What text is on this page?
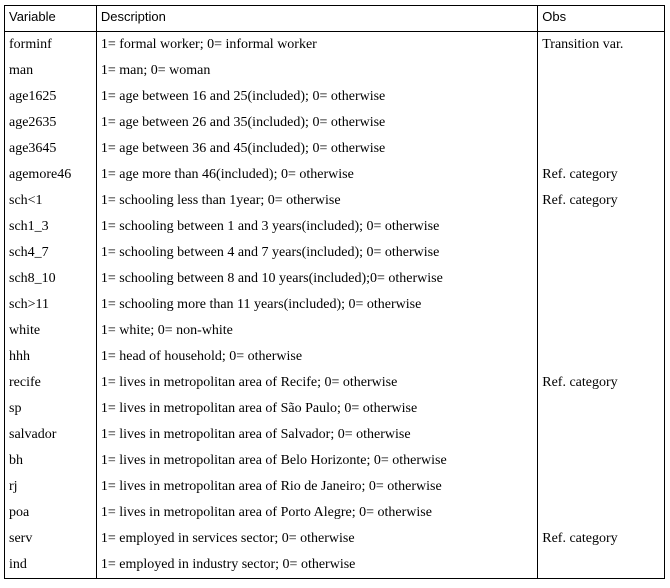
Variable	Description	Obs
forminf	1= formal worker; 0= informal worker	Transition var.
man	1= man; 0= woman	
age1625	1= age between 16 and 25(included); 0= otherwise	
age2635	1= age between 26 and 35(included); 0= otherwise	
age3645	1= age between 36 and 45(included); 0= otherwise	
agemore46	1= age more than 46(included); 0= otherwise	Ref. category
sch<1	1= schooling less than 1year; 0= otherwise	Ref. category
sch1_3	1= schooling between 1 and 3 years(included); 0= otherwise	
sch4_7	1= schooling between 4 and 7 years(included); 0= otherwise	
sch8_10	1= schooling between 8 and 10 years(included);0= otherwise	
sch>11	1= schooling more than 11 years(included); 0= otherwise	
white	1= white; 0= non-white	
hhh	1= head of household; 0= otherwise	
recife	1= lives in metropolitan area of Recife; 0= otherwise	Ref. category
sp	1= lives in metropolitan area of São Paulo; 0= otherwise	
salvador	1= lives in metropolitan area of Salvador; 0= otherwise	
bh	1= lives in metropolitan area of Belo Horizonte; 0= otherwise	
rj	1= lives in metropolitan area of Rio de Janeiro; 0= otherwise	
poa	1= lives in metropolitan area of Porto Alegre; 0= otherwise	
serv	1= employed in services sector; 0= otherwise	Ref. category
ind	1= employed in industry sector; 0= otherwise	
